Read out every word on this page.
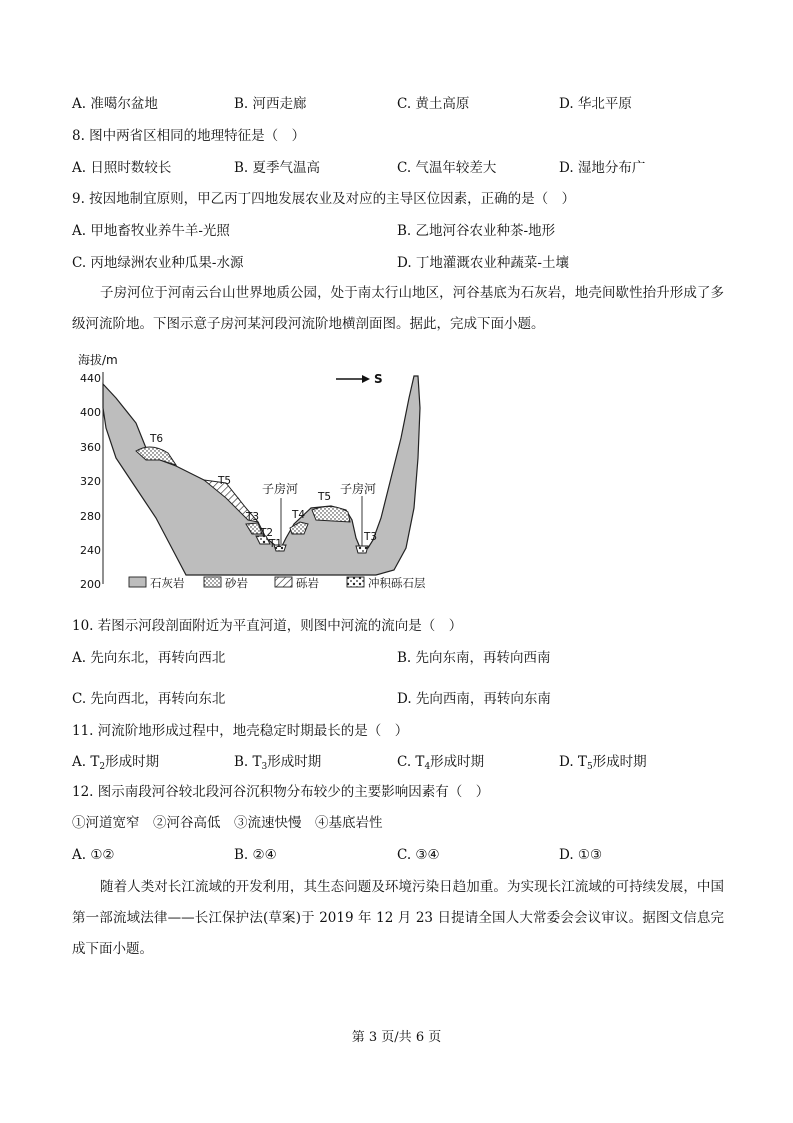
A. 准噶尔盆地	B. 河西走廊	C. 黄土高原	D. 华北平原
8. 图中两省区相同的地理特征是（　）
A. 日照时数较长	B. 夏季气温高	C. 气温年较差大	D. 湿地分布广
9. 按因地制宜原则，甲乙丙丁四地发展农业及对应的主导区位因素，正确的是（　）
A. 甲地畜牧业养牛羊-光照	B. 乙地河谷农业种茶-地形
C. 丙地绿洲农业种瓜果-水源	D. 丁地灌溉农业种蔬菜-土壤
子房河位于河南云台山世界地质公园，处于南太行山地区，河谷基底为石灰岩，地壳间歇性抬升形成了多级河流阶地。下图示意子房河某河段河流阶地横剖面图。据此，完成下面小题。
海拔/m
440
400
360
320
280
240
200
S
T6
T5
T3
T2
T1
T4
T5
T3
子房河	子房河
石灰岩	砂岩	砾岩	冲积砾石层
10. 若图示河段剖面附近为平直河道，则图中河流的流向是（　）
A. 先向东北，再转向西北	B. 先向东南，再转向西南
C. 先向西北，再转向东北	D. 先向西南，再转向东南
11. 河流阶地形成过程中，地壳稳定时期最长的是（　）
A. $T_2$形成时期	B. $T_3$形成时期	C. $T_4$形成时期	D. $T_5$形成时期
12. 图示南段河谷较北段河谷沉积物分布较少的主要影响因素有（　）
①河道宽窄　②河谷高低　③流速快慢　④基底岩性
A. ①②	B. ②④	C. ③④	D. ①③
随着人类对长江流域的开发利用，其生态问题及环境污染日趋加重。为实现长江流域的可持续发展，中国第一部流域法律——长江保护法(草案)于 2019 年 12 月 23 日提请全国人大常委会会议审议。据图文信息完成下面小题。
第 3 页/共 6 页
